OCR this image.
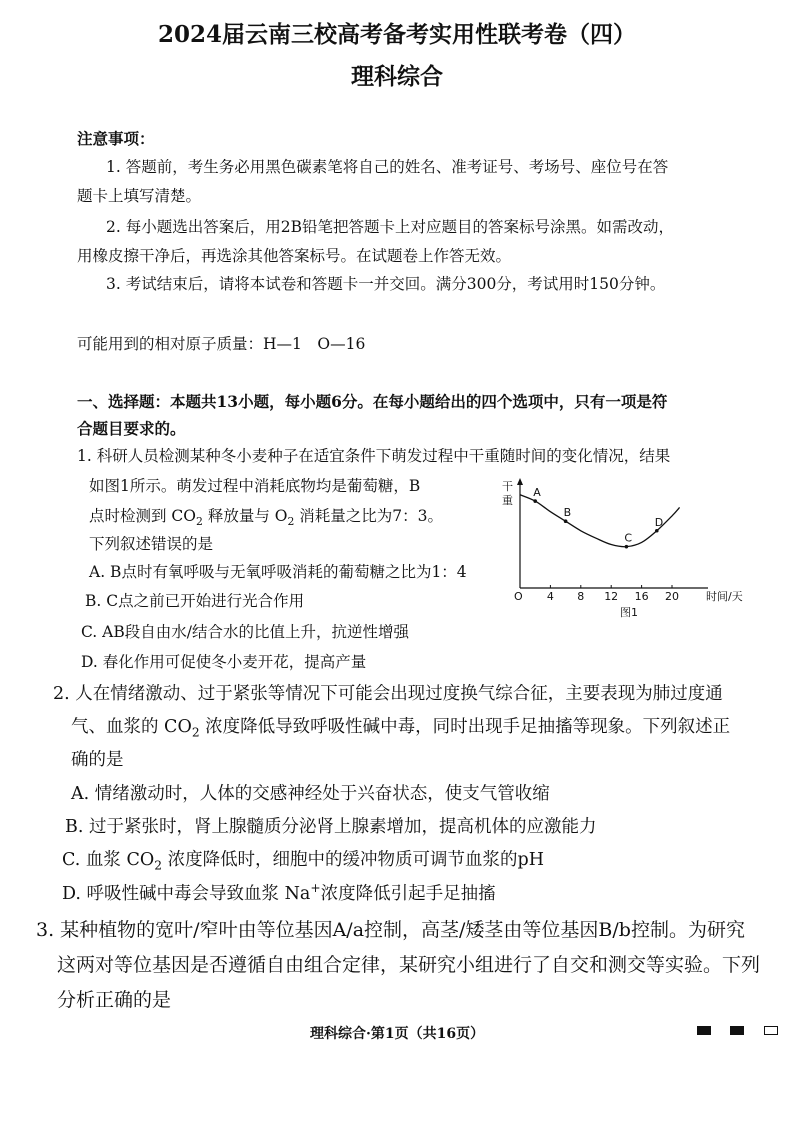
2024届云南三校高考备考实用性联考卷（四）
理科综合
注意事项：
1. 答题前，考生务必用黑色碳素笔将自己的姓名、准考证号、考场号、座位号在答
题卡上填写清楚。
2. 每小题选出答案后，用2B铅笔把答题卡上对应题目的答案标号涂黑。如需改动，
用橡皮擦干净后，再选涂其他答案标号。在试题卷上作答无效。
3. 考试结束后，请将本试卷和答题卡一并交回。满分300分，考试用时150分钟。
可能用到的相对原子质量：H—1　O—16
一、选择题：本题共13小题，每小题6分。在每小题给出的四个选项中，只有一项是符
合题目要求的。
1. 科研人员检测某种冬小麦种子在适宜条件下萌发过程中干重随时间的变化情况，结果
如图1所示。萌发过程中消耗底物均是葡萄糖，B
点时检测到 $CO_2$ 释放量与 $O_2$ 消耗量之比为7：3。
下列叙述错误的是
A. B点时有氧呼吸与无氧呼吸消耗的葡萄糖之比为1：4
B. C点之前已开始进行光合作用
C. AB段自由水/结合水的比值上升，抗逆性增强
D. 春化作用可促使冬小麦开花，提高产量
O
干
重
时间/天
4 8 12 16 20
A
B
C
D
图1
2. 人在情绪激动、过于紧张等情况下可能会出现过度换气综合征，主要表现为肺过度通
气、血浆的 $CO_2$ 浓度降低导致呼吸性碱中毒，同时出现手足抽搐等现象。下列叙述正
确的是
A. 情绪激动时，人体的交感神经处于兴奋状态，使支气管收缩
B. 过于紧张时，肾上腺髓质分泌肾上腺素增加，提高机体的应激能力
C. 血浆 $CO_2$ 浓度降低时，细胞中的缓冲物质可调节血浆的pH
D. 呼吸性碱中毒会导致血浆 Na+浓度降低引起手足抽搐
3. 某种植物的宽叶/窄叶由等位基因A/a控制，高茎/矮茎由等位基因B/b控制。为研究
这两对等位基因是否遵循自由组合定律，某研究小组进行了自交和测交等实验。下列
分析正确的是
理科综合·第1页（共16页）
